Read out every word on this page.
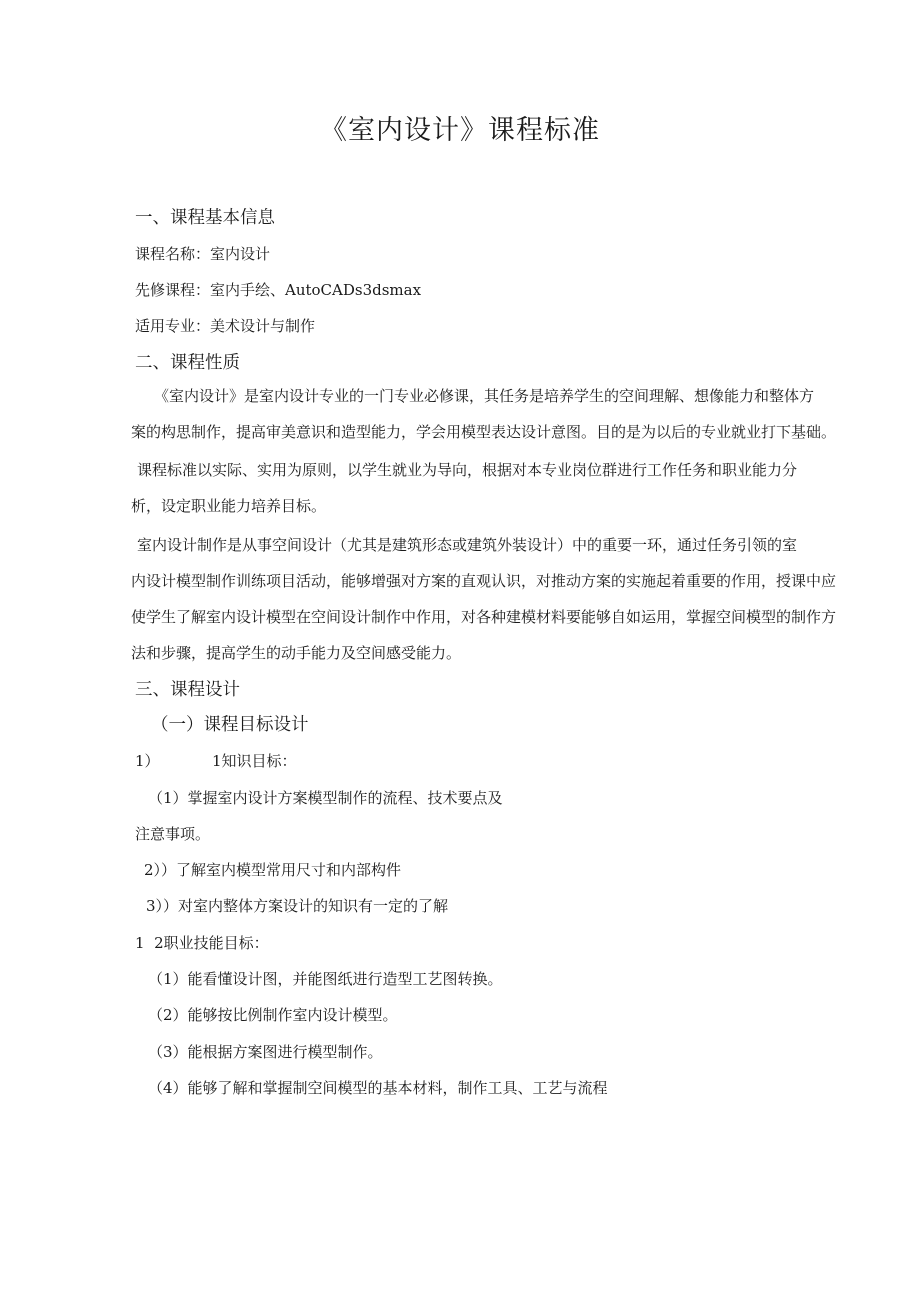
《室内设计》课程标准
一、课程基本信息
课程名称：室内设计
先修课程：室内手绘、AutoCADs3dsmax
适用专业：美术设计与制作
二、课程性质
《室内设计》是室内设计专业的一门专业必修课，其任务是培养学生的空间理解、想像能力和整体方
案的构思制作，提高审美意识和造型能力，学会用模型表达设计意图。目的是为以后的专业就业打下基础。
课程标准以实际、实用为原则，以学生就业为导向，根据对本专业岗位群进行工作任务和职业能力分
析，设定职业能力培养目标。
室内设计制作是从事空间设计（尤其是建筑形态或建筑外装设计）中的重要一环，通过任务引领的室
内设计模型制作训练项目活动，能够增强对方案的直观认识，对推动方案的实施起着重要的作用，授课中应
使学生了解室内设计模型在空间设计制作中作用，对各种建模材料要能够自如运用，掌握空间模型的制作方
法和步骤，提高学生的动手能力及空间感受能力。
三、课程设计
（一）课程目标设计
1）	1知识目标：
（1）掌握室内设计方案模型制作的流程、技术要点及
注意事项。
2））了解室内模型常用尺寸和内部构件
3））对室内整体方案设计的知识有一定的了解
1  2职业技能目标：
（1）能看懂设计图，并能图纸进行造型工艺图转换。
（2）能够按比例制作室内设计模型。
（3）能根据方案图进行模型制作。
（4）能够了解和掌握制空间模型的基本材料，制作工具、工艺与流程
